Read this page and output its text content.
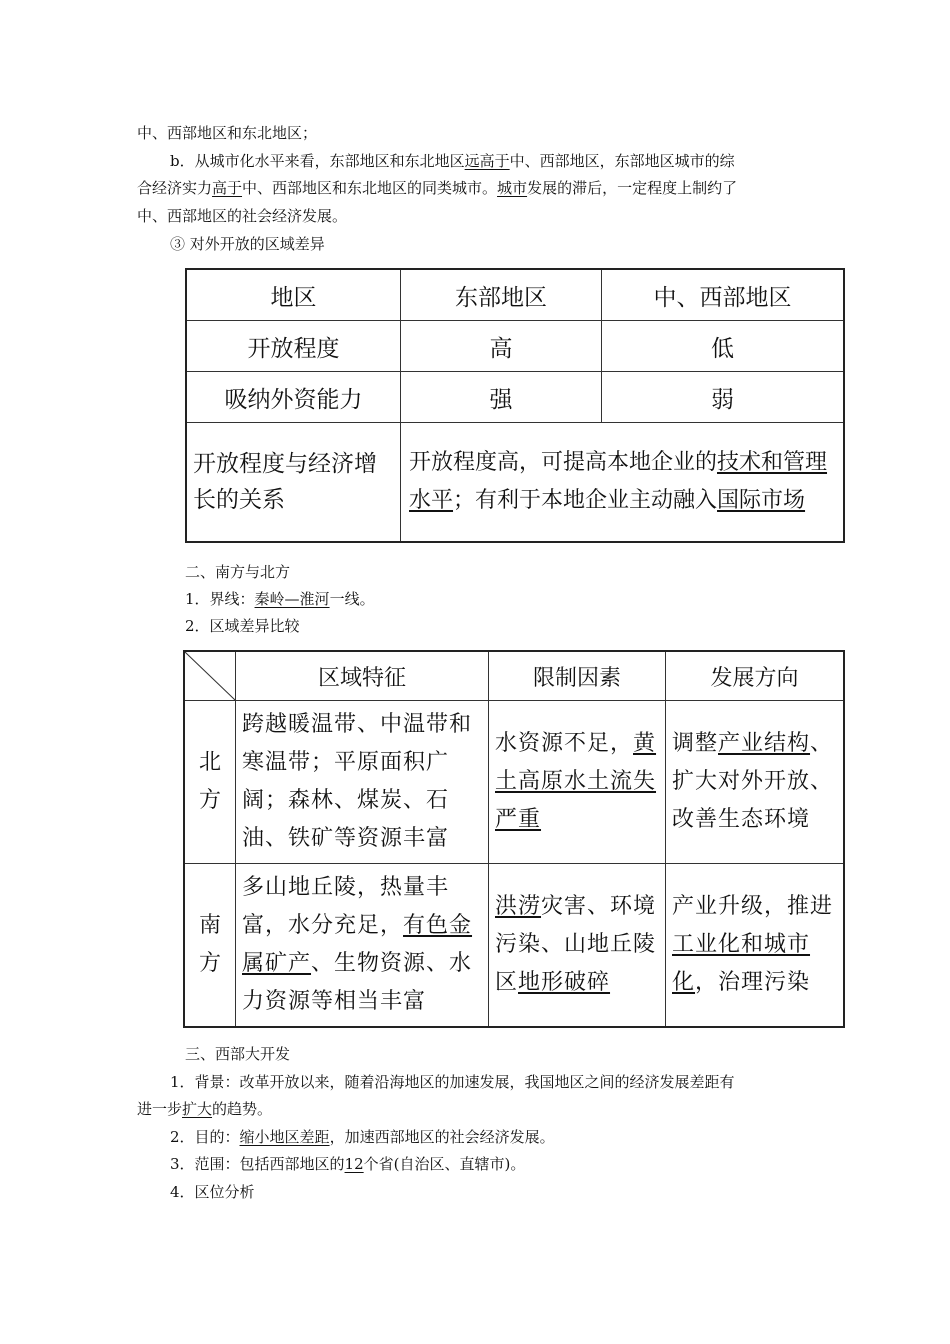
中、西部地区和东北地区；
b．从城市化水平来看，东部地区和东北地区远高于中、西部地区，东部地区城市的综
合经济实力高于中、西部地区和东北地区的同类城市。城市发展的滞后，一定程度上制约了
中、西部地区的社会经济发展。
③ 对外开放的区域差异
地区	东部地区	中、西部地区
开放程度	高	低
吸纳外资能力	强	弱
开放程度与经济增长的关系	开放程度高，可提高本地企业的技术和管理水平；有利于本地企业主动融入国际市场	
二、南方与北方
1．界线：秦岭—淮河一线。
2．区域差异比较
	区域特征	限制因素	发展方向
北方	跨越暖温带、中温带和寒温带；平原面积广阔；森林、煤炭、石油、铁矿等资源丰富	水资源不足，黄土高原水土流失严重	调整产业结构、扩大对外开放、改善生态环境
南方	多山地丘陵，热量丰富，水分充足，有色金属矿产、生物资源、水力资源等相当丰富	洪涝灾害、环境污染、山地丘陵区地形破碎	产业升级，推进工业化和城市化，治理污染
三、西部大开发
1．背景：改革开放以来，随着沿海地区的加速发展，我国地区之间的经济发展差距有
进一步扩大的趋势。
2．目的：缩小地区差距，加速西部地区的社会经济发展。
3．范围：包括西部地区的12个省(自治区、直辖市)。
4．区位分析
